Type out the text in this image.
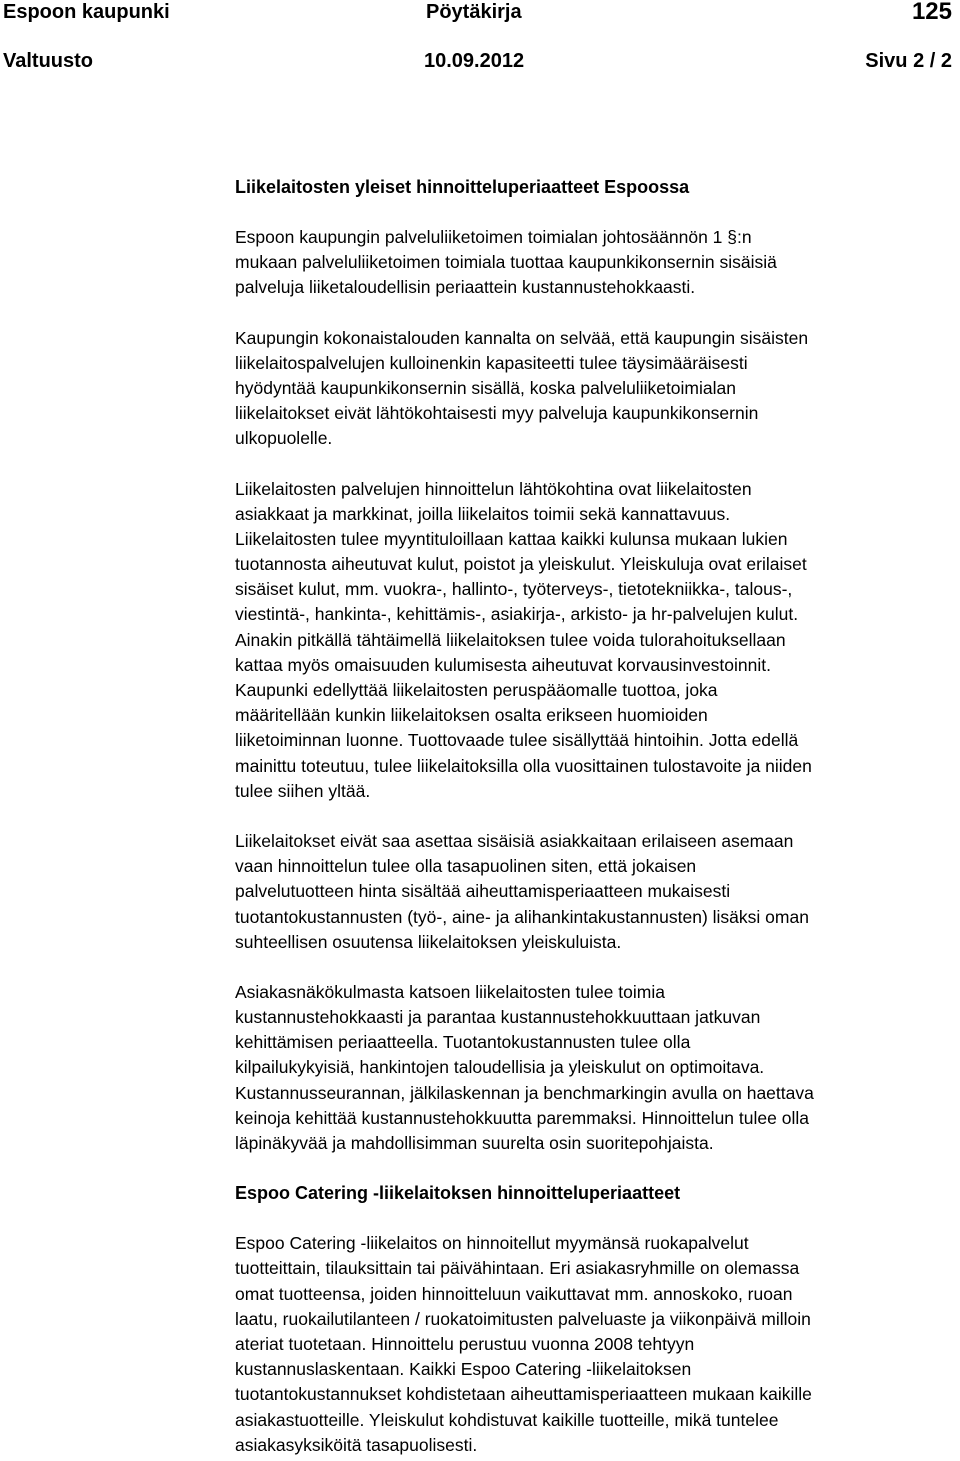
Espoon kaupunki	Pöytäkirja	125
Valtuusto	10.09.2012	Sivu 2 / 2
Liikelaitosten yleiset hinnoitteluperiaatteet Espoossa
Espoon kaupungin palveluliiketoimen toimialan johtosäännön 1 §:n
mukaan palveluliiketoimen toimiala tuottaa kaupunkikonsernin sisäisiä
palveluja liiketaloudellisin periaattein kustannustehokkaasti.
Kaupungin kokonaistalouden kannalta on selvää, että kaupungin sisäisten
liikelaitospalvelujen kulloinenkin kapasiteetti tulee täysimääräisesti
hyödyntää kaupunkikonsernin sisällä, koska palveluliiketoimialan
liikelaitokset eivät lähtökohtaisesti myy palveluja kaupunkikonsernin
ulkopuolelle.
Liikelaitosten palvelujen hinnoittelun lähtökohtina ovat liikelaitosten
asiakkaat ja markkinat, joilla liikelaitos toimii sekä kannattavuus.
Liikelaitosten tulee myyntituloillaan kattaa kaikki kulunsa mukaan lukien
tuotannosta aiheutuvat kulut, poistot ja yleiskulut. Yleiskuluja ovat erilaiset
sisäiset kulut, mm. vuokra-, hallinto-, työterveys-, tietotekniikka-, talous-,
viestintä-, hankinta-, kehittämis-, asiakirja-, arkisto- ja hr-palvelujen kulut.
Ainakin pitkällä tähtäimellä liikelaitoksen tulee voida tulorahoituksellaan
kattaa myös omaisuuden kulumisesta aiheutuvat korvausinvestoinnit.
Kaupunki edellyttää liikelaitosten peruspääomalle tuottoa, joka
määritellään kunkin liikelaitoksen osalta erikseen huomioiden
liiketoiminnan luonne. Tuottovaade tulee sisällyttää hintoihin. Jotta edellä
mainittu toteutuu, tulee liikelaitoksilla olla vuosittainen tulostavoite ja niiden
tulee siihen yltää.
Liikelaitokset eivät saa asettaa sisäisiä asiakkaitaan erilaiseen asemaan
vaan hinnoittelun tulee olla tasapuolinen siten, että jokaisen
palvelutuotteen hinta sisältää aiheuttamisperiaatteen mukaisesti
tuotantokustannusten (työ-, aine- ja alihankintakustannusten) lisäksi oman
suhteellisen osuutensa liikelaitoksen yleiskuluista.
Asiakasnäkökulmasta katsoen liikelaitosten tulee toimia
kustannustehokkaasti ja parantaa kustannustehokkuuttaan jatkuvan
kehittämisen periaatteella. Tuotantokustannusten tulee olla
kilpailukykyisiä, hankintojen taloudellisia ja yleiskulut on optimoitava.
Kustannusseurannan, jälkilaskennan ja benchmarkingin avulla on haettava
keinoja kehittää kustannustehokkuutta paremmaksi. Hinnoittelun tulee olla
läpinäkyvää ja mahdollisimman suurelta osin suoritepohjaista.
Espoo Catering -liikelaitoksen hinnoitteluperiaatteet
Espoo Catering -liikelaitos on hinnoitellut myymänsä ruokapalvelut
tuotteittain, tilauksittain tai päivähintaan. Eri asiakasryhmille on olemassa
omat tuotteensa, joiden hinnoitteluun vaikuttavat mm. annoskoko, ruoan
laatu, ruokailutilanteen / ruokatoimitusten palveluaste ja viikonpäivä milloin
ateriat tuotetaan. Hinnoittelu perustuu vuonna 2008 tehtyyn
kustannuslaskentaan. Kaikki Espoo Catering -liikelaitoksen
tuotantokustannukset kohdistetaan aiheuttamisperiaatteen mukaan kaikille
asiakastuotteille. Yleiskulut kohdistuvat kaikille tuotteille, mikä tuntelee
asiakasyksiköitä tasapuolisesti.
